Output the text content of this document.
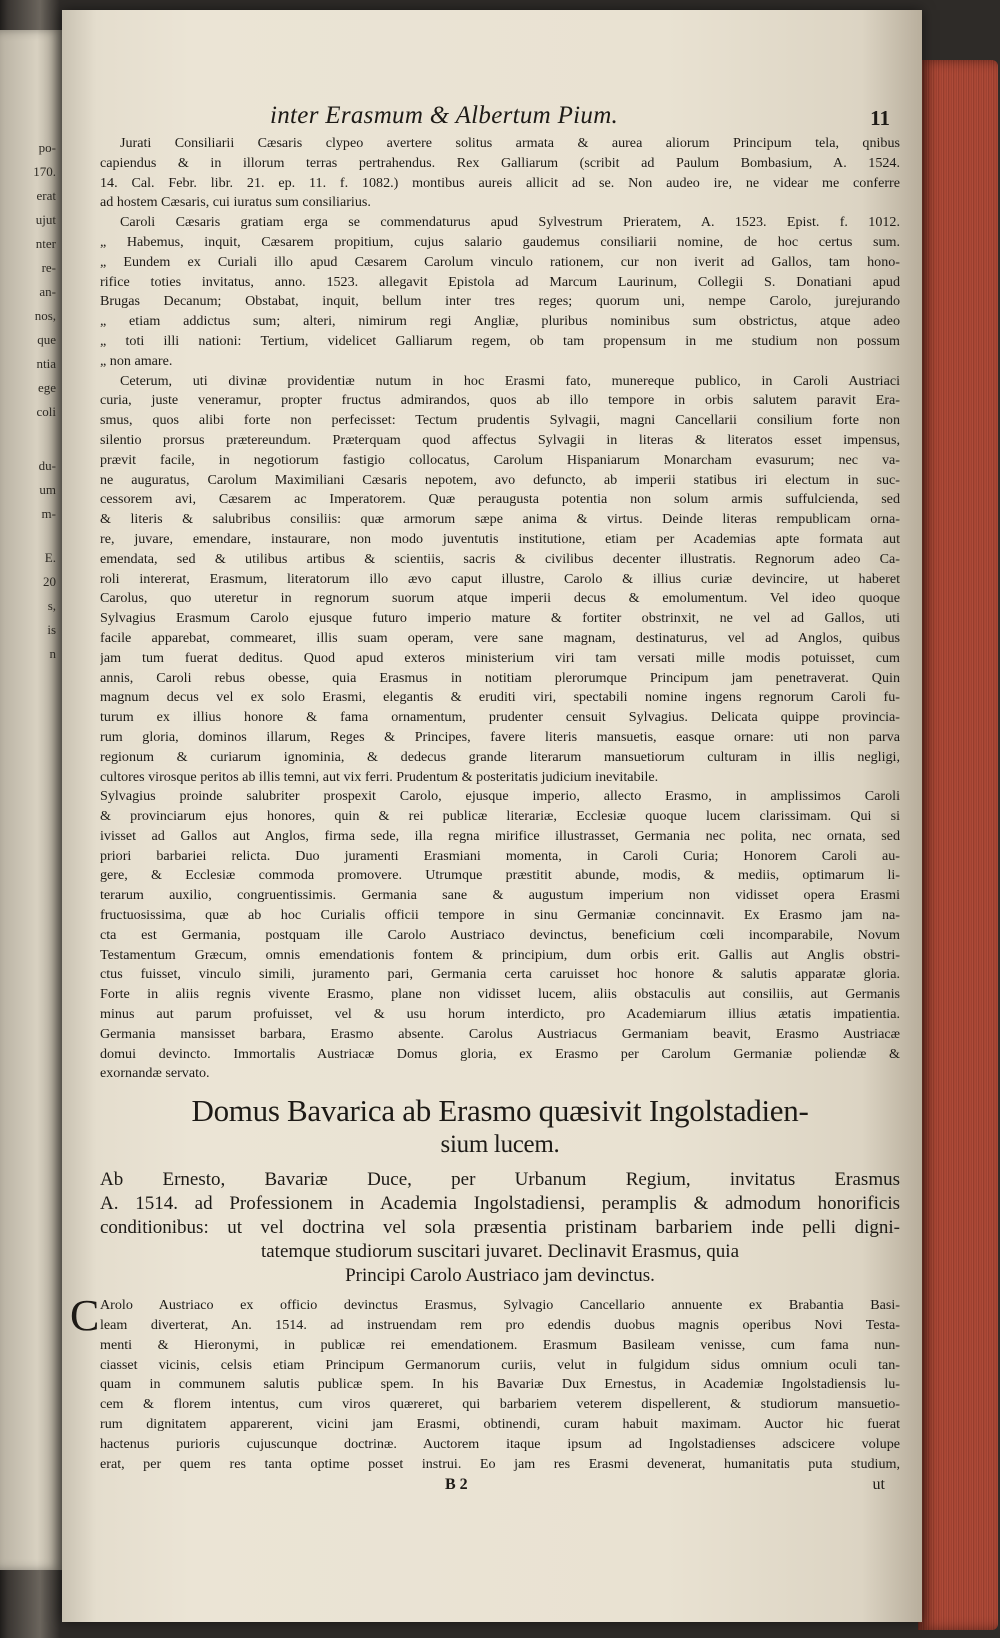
po-
170.
erat
ujut
nter
re-
an-
nos,
que
ntia
ege
coli
du-
um
m-
E.
20
s,
is
n
inter Erasmum & Albertum Pium.	11

Jurati Consiliarii Cæsaris clypeo avertere solitus armata & aurea aliorum Principum tela, qnibus
capiendus & in illorum terras pertrahendus. Rex Galliarum (scribit ad Paulum Bombasium, A. 1524.
14. Cal. Febr. libr. 21. ep. 11. f. 1082.) montibus aureis allicit ad se. Non audeo ire, ne videar me conferre
ad hostem Cæsaris, cui iuratus sum consiliarius.

Caroli Cæsaris gratiam erga se commendaturus apud Sylvestrum Prieratem, A. 1523. Epist. f. 1012.
„ Habemus, inquit, Cæsarem propitium, cujus salario gaudemus consiliarii nomine, de hoc certus sum.
„ Eundem ex Curiali illo apud Cæsarem Carolum vinculo rationem, cur non iverit ad Gallos, tam hono-
rifice toties invitatus, anno. 1523. allegavit Epistola ad Marcum Laurinum, Collegii S. Donatiani apud
Brugas Decanum; Obstabat, inquit, bellum inter tres reges; quorum uni, nempe Carolo, jurejurando
„ etiam addictus sum; alteri, nimirum regi Angliæ, pluribus nominibus sum obstrictus, atque adeo
„ toti illi nationi: Tertium, videlicet Galliarum regem, ob tam propensum in me studium non possum
„ non amare.

Ceterum, uti divinæ providentiæ nutum in hoc Erasmi fato, munereque publico, in Caroli Austriaci
curia, juste veneramur, propter fructus admirandos, quos ab illo tempore in orbis salutem paravit Era-
smus, quos alibi forte non perfecisset: Tectum prudentis Sylvagii, magni Cancellarii consilium forte non
silentio prorsus prætereundum. Præterquam quod affectus Sylvagii in literas & literatos esset impensus,
prævit facile, in negotiorum fastigio collocatus, Carolum Hispaniarum Monarcham evasurum; nec va-
ne auguratus, Carolum Maximiliani Cæsaris nepotem, avo defuncto, ab imperii statibus iri electum in suc-
cessorem avi, Cæsarem ac Imperatorem. Quæ peraugusta potentia non solum armis suffulcienda, sed
& literis & salubribus consiliis: quæ armorum sæpe anima & virtus. Deinde literas rempublicam orna-
re, juvare, emendare, instaurare, non modo juventutis institutione, etiam per Academias apte formata aut
emendata, sed & utilibus artibus & scientiis, sacris & civilibus decenter illustratis. Regnorum adeo Ca-
roli intererat, Erasmum, literatorum illo ævo caput illustre, Carolo & illius curiæ devincire, ut haberet
Carolus, quo uteretur in regnorum suorum atque imperii decus & emolumentum. Vel ideo quoque
Sylvagius Erasmum Carolo ejusque futuro imperio mature & fortiter obstrinxit, ne vel ad Gallos, uti
facile apparebat, commearet, illis suam operam, vere sane magnam, destinaturus, vel ad Anglos, quibus
jam tum fuerat deditus. Quod apud exteros ministerium viri tam versati mille modis potuisset, cum
annis, Caroli rebus obesse, quia Erasmus in notitiam plerorumque Principum jam penetraverat. Quin
magnum decus vel ex solo Erasmi, elegantis & eruditi viri, spectabili nomine ingens regnorum Caroli fu-
turum ex illius honore & fama ornamentum, prudenter censuit Sylvagius. Delicata quippe provincia-
rum gloria, dominos illarum, Reges & Principes, favere literis mansuetis, easque ornare: uti non parva
regionum & curiarum ignominia, & dedecus grande literarum mansuetiorum culturam in illis negligi,
cultores virosque peritos ab illis temni, aut vix ferri. Prudentum & posteritatis judicium inevitabile.

Sylvagius proinde salubriter prospexit Carolo, ejusque imperio, allecto Erasmo, in amplissimos Caroli
& provinciarum ejus honores, quin & rei publicæ literariæ, Ecclesiæ quoque lucem clarissimam. Qui si
ivisset ad Gallos aut Anglos, firma sede, illa regna mirifice illustrasset, Germania nec polita, nec ornata, sed
priori barbariei relicta. Duo juramenti Erasmiani momenta, in Caroli Curia; Honorem Caroli au-
gere, & Ecclesiæ commoda promovere. Utrumque præstitit abunde, modis, & mediis, optimarum li-
terarum auxilio, congruentissimis. Germania sane & augustum imperium non vidisset opera Erasmi
fructuosissima, quæ ab hoc Curialis officii tempore in sinu Germaniæ concinnavit. Ex Erasmo jam na-
cta est Germania, postquam ille Carolo Austriaco devinctus, beneficium cœli incomparabile, Novum
Testamentum Græcum, omnis emendationis fontem & principium, dum orbis erit. Gallis aut Anglis obstri-
ctus fuisset, vinculo simili, juramento pari, Germania certa caruisset hoc honore & salutis apparatæ gloria.
Forte in aliis regnis vivente Erasmo, plane non vidisset lucem, aliis obstaculis aut consiliis, aut Germanis
minus aut parum profuisset, vel & usu horum interdicto, pro Academiarum illius ætatis impatientia.
Germania mansisset barbara, Erasmo absente. Carolus Austriacus Germaniam beavit, Erasmo Austriacæ
domui devincto. Immortalis Austriacæ Domus gloria, ex Erasmo per Carolum Germaniæ poliendæ &
exornandæ servato.

Domus Bavarica ab Erasmo quæsivit Ingolstadien-
sium lucem.
Ab Ernesto, Bavariæ Duce, per Urbanum Regium, invitatus Erasmus
A. 1514. ad Professionem in Academia Ingolstadiensi, peramplis & admodum honorificis
conditionibus: ut vel doctrina vel sola præsentia pristinam barbariem inde pelli digni-
tatemque studiorum suscitari juvaret. Declinavit Erasmus, quia
Principi Carolo Austriaco jam devinctus.
C Arolo Austriaco ex officio devinctus Erasmus, Sylvagio Cancellario annuente ex Brabantia Basi-
leam diverterat, An. 1514. ad instruendam rem pro edendis duobus magnis operibus Novi Testa-
menti & Hieronymi, in publicæ rei emendationem. Erasmum Basileam venisse, cum fama nun-
ciasset vicinis, celsis etiam Principum Germanorum curiis, velut in fulgidum sidus omnium oculi tan-
quam in communem salutis publicæ spem. In his Bavariæ Dux Ernestus, in Academiæ Ingolstadiensis lu-
cem & florem intentus, cum viros quæreret, qui barbariem veterem dispellerent, & studiorum mansuetio-
rum dignitatem apparerent, vicini jam Erasmi, obtinendi, curam habuit maximam. Auctor hic fuerat
hactenus purioris cujuscunque doctrinæ. Auctorem itaque ipsum ad Ingolstadienses adscicere volupe
erat, per quem res tanta optime posset instrui. Eo jam res Erasmi devenerat, humanitatis puta studium,

B 2	ut
